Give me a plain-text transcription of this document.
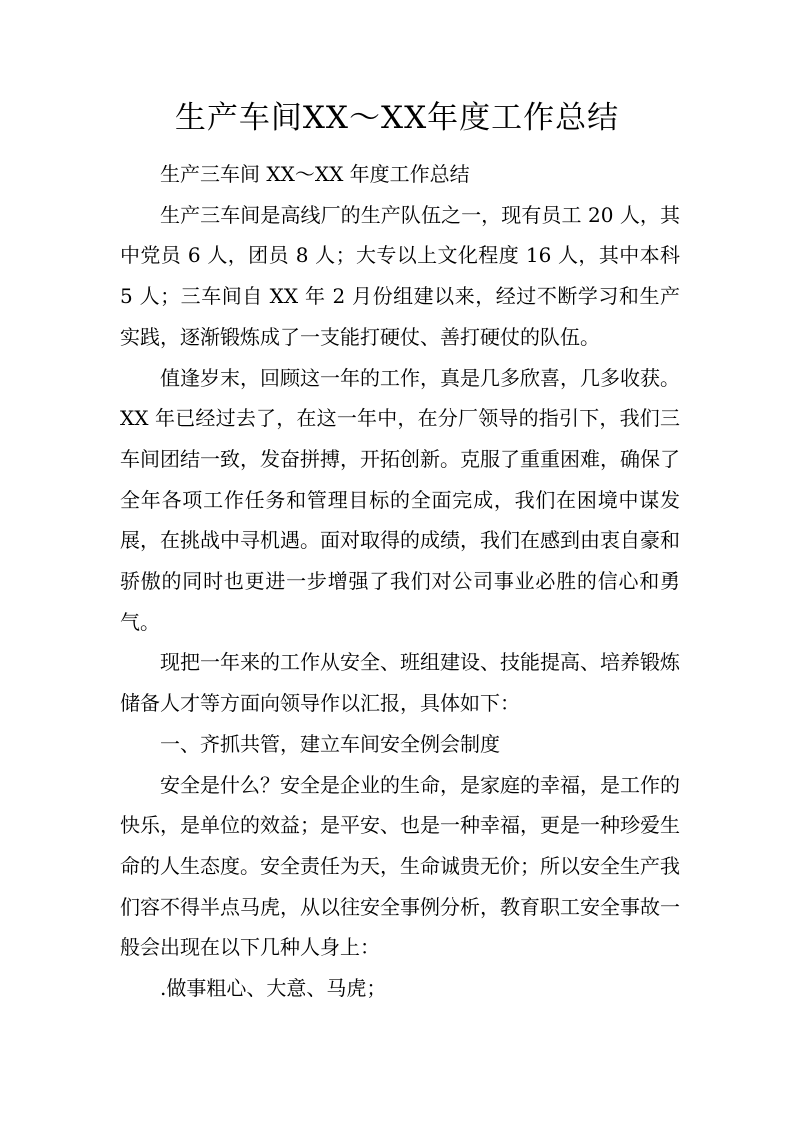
生产车间XX～XX年度工作总结

生产三车间 XX～XX 年度工作总结

生产三车间是高线厂的生产队伍之一，现有员工 20 人，其中党员 6 人，团员 8 人；大专以上文化程度 16 人，其中本科 5 人；三车间自 XX 年 2 月份组建以来，经过不断学习和生产实践，逐渐锻炼成了一支能打硬仗、善打硬仗的队伍。

值逢岁末，回顾这一年的工作，真是几多欣喜，几多收获。XX 年已经过去了，在这一年中，在分厂领导的指引下，我们三车间团结一致，发奋拼搏，开拓创新。克服了重重困难，确保了全年各项工作任务和管理目标的全面完成，我们在困境中谋发展，在挑战中寻机遇。面对取得的成绩，我们在感到由衷自豪和骄傲的同时也更进一步增强了我们对公司事业必胜的信心和勇气。

现把一年来的工作从安全、班组建设、技能提高、培养锻炼储备人才等方面向领导作以汇报，具体如下：

一、齐抓共管，建立车间安全例会制度

安全是什么？安全是企业的生命，是家庭的幸福，是工作的快乐，是单位的效益；是平安、也是一种幸福，更是一种珍爱生命的人生态度。安全责任为天，生命诚贵无价；所以安全生产我们容不得半点马虎，从以往安全事例分析，教育职工安全事故一般会出现在以下几种人身上：

.做事粗心、大意、马虎；
